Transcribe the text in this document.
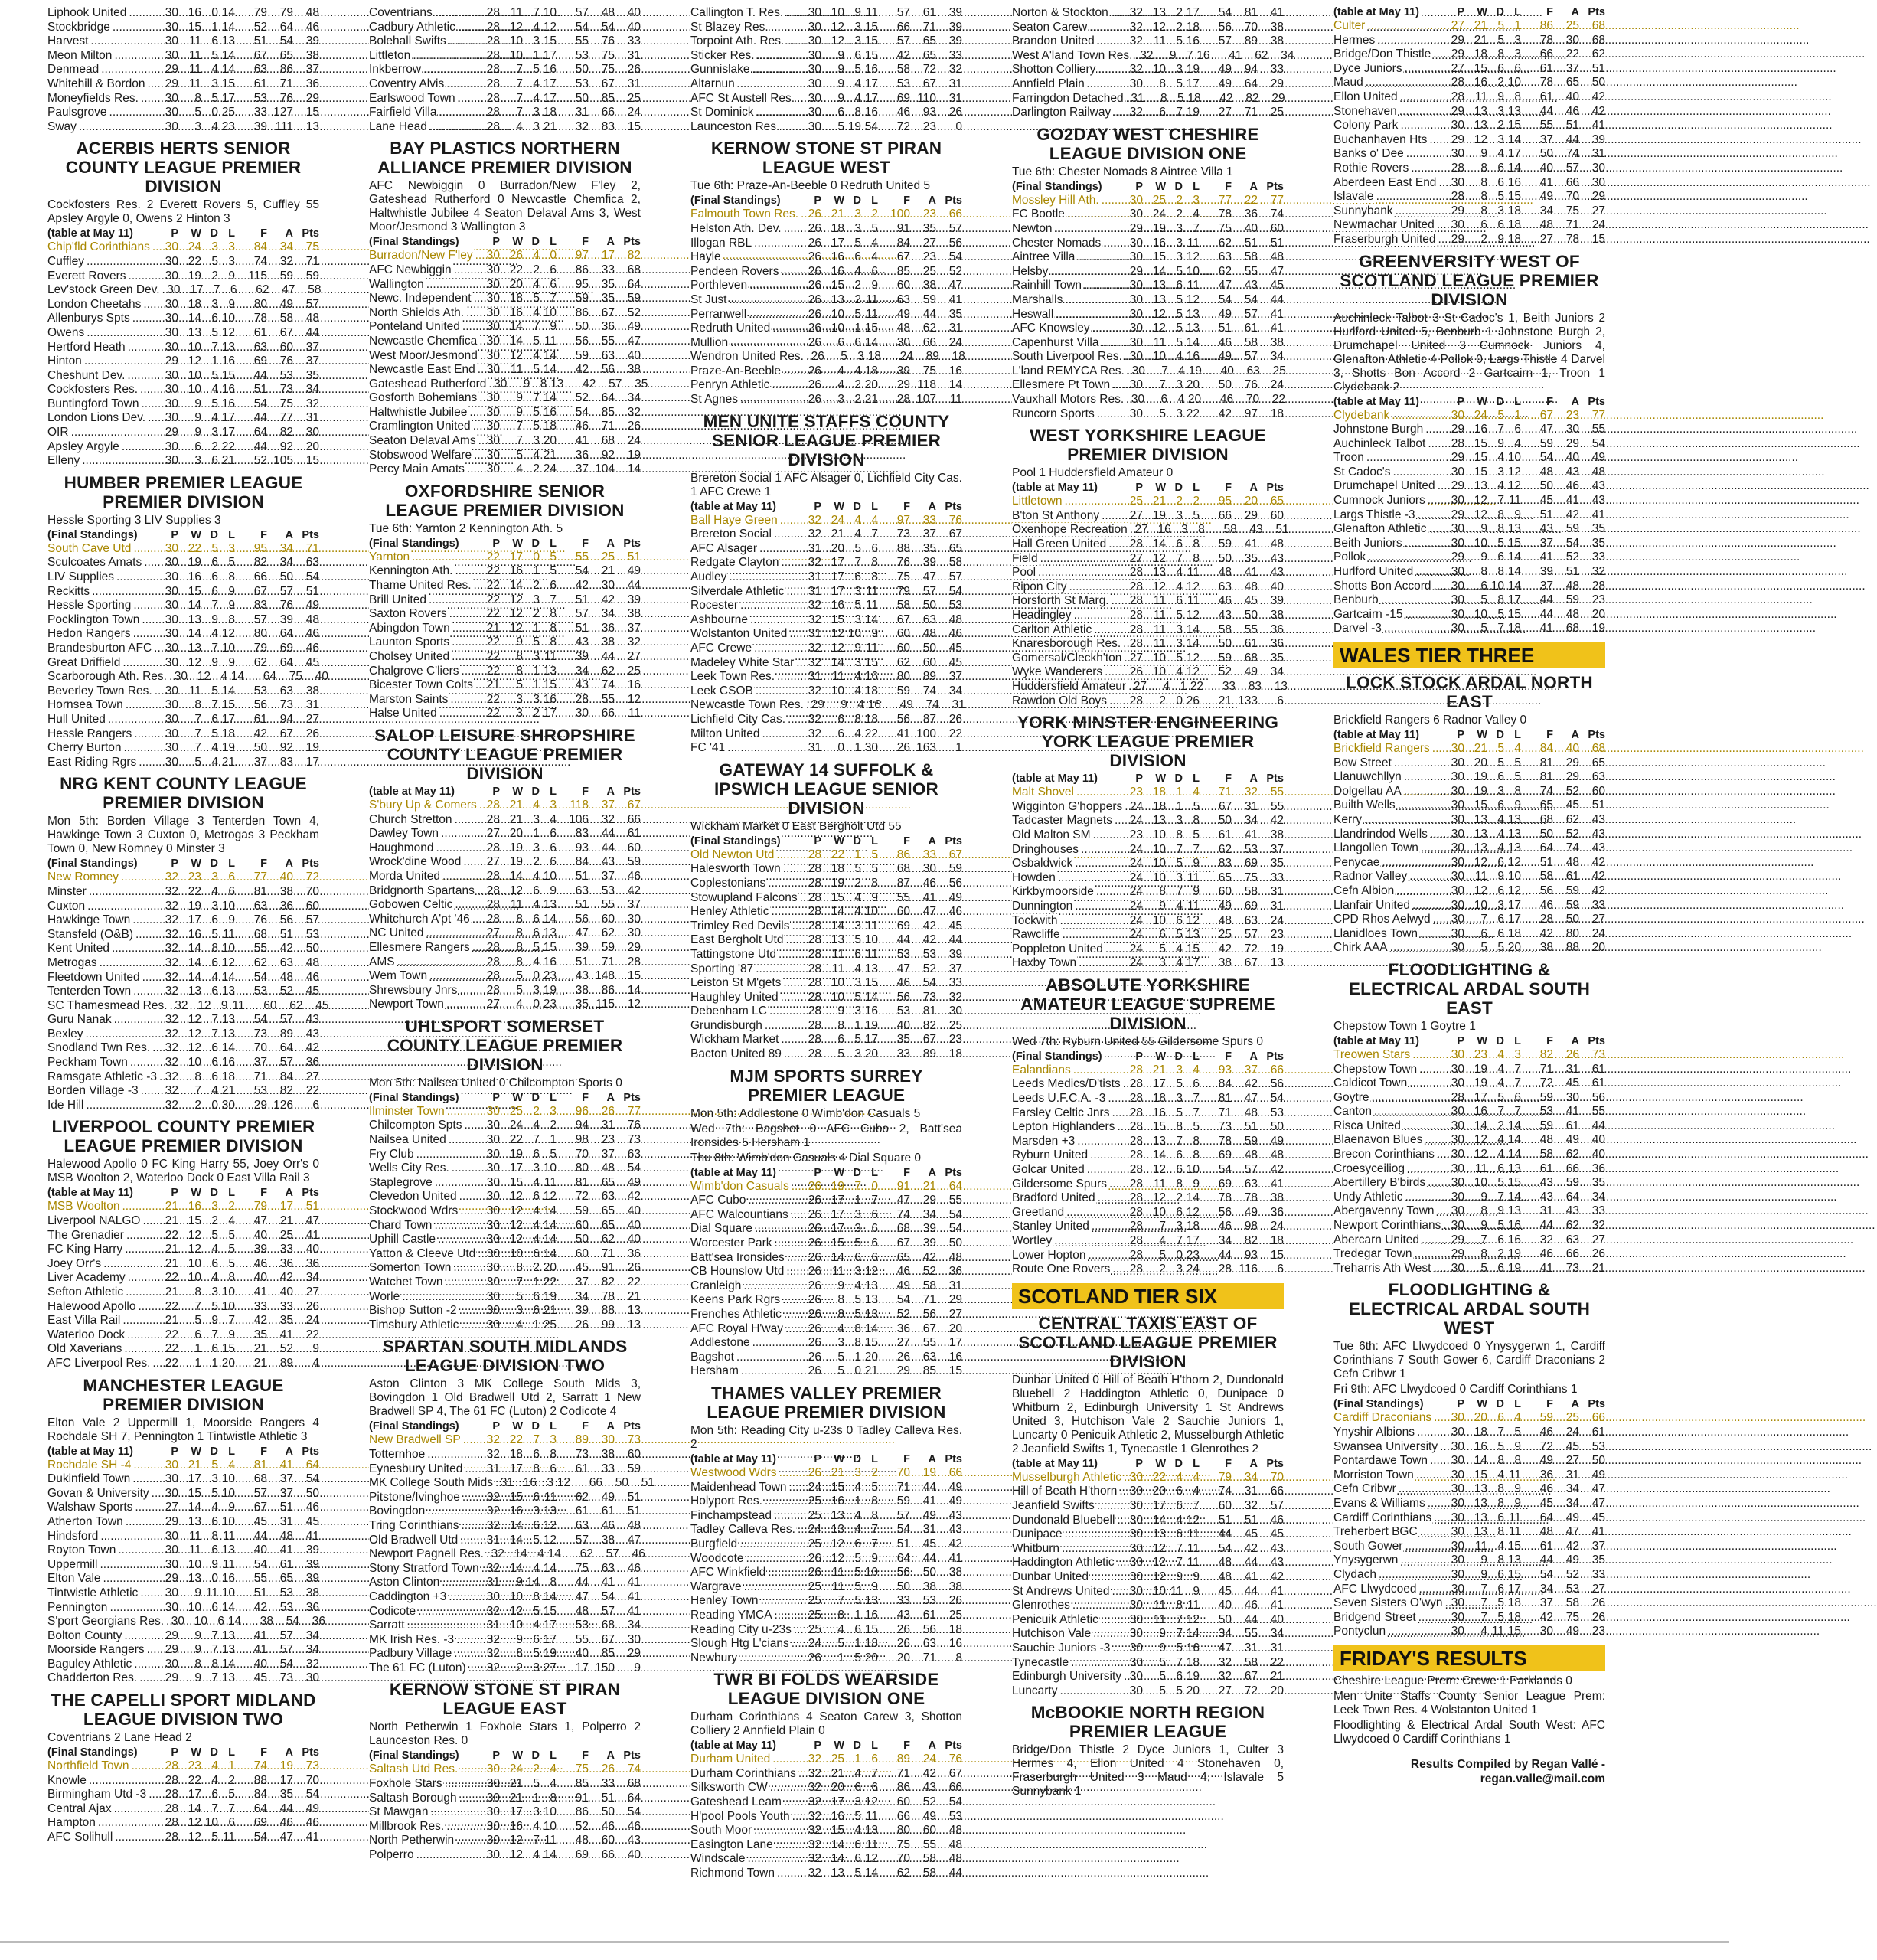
Liphook United .....	30 16 0 14	79	79	48
Stockbridge .....	30 15 1 14	52	64	46
Harvest .....	30 11 6 13	51	54	39
Meon Milton .....	30 11 5 14	67	65	38
Denmead .....	29 11 4 14	63	86	37
Whitehill & Bordon .....	29 11 3 15	61	71	36
Moneyfields Res. .....	30	8 5 17	53	76	29
Paulsgrove .....	30	5 0 25	33 127	15
Sway .....	30	3 4 23	39 111	13
ACERBIS HERTS SENIOR COUNTY LEAGUE PREMIER DIVISION
Cockfosters Res. 2 Everett Rovers 5, Cuffley 55 Apsley Argyle 0, Owens 2 Hinton 3
(table at May 11)	P	W D L	F	A Pts
Chip'fld Corinthians .....	30 24 3 3	84	34	75
Cuffley .....	30 22 5 3	74	32	71
Everett Rovers .....	30 19 2 9	115	59	59
Lev'stock Green Dev. ..... 30 17 7 6	62	47	58
London Cheetahs .....	30 18 3 9	80	49	57
Allenburys Spts .....	30 14 6 10	78	58	48
Owens .....	30 13 5 12	61	67	44
Hertford Heath .....	30 10 7 13	63	60	37
Hinton .....	29 12 1 16	69	76	37
Cheshunt Dev. .....	30 10 5 15	44	53	35
Cockfosters Res. .....	30 10 4 16	51	73	34
Buntingford Town .....	30	9 5 16	54	75	32
London Lions Dev. .....	30	9 4 17	44	77	31
OIR .....	29	9 3 17	64	82	30
Apsley Argyle .....	30	6 2 22	44	92	20
Elleny .....	30	3 6 21	52 105	15
HUMBER PREMIER LEAGUE PREMIER DIVISION
Hessle Sporting 3 LIV Supplies 3
(Final Standings)	P	W D L	F	A Pts
South Cave Utd .....	30 22 5 3	95	34	71
Sculcoates Amats .....	30 19 6 5	82	34	63
LIV Supplies .....	30 16 6 8	66	50	54
Reckitts .....	30 15 6 9	67	57	51
Hessle Sporting .....	30 14 7 9	83	76	49
Pocklington Town .....	30 13 9 8	57	39	48
Hedon Rangers .....	30 14 4 12	80	64	46
Brandesburton AFC .....	30 13 7 10	79	69	46
Great Driffield .....	30 12 9 9	62	64	45
Scarborough Ath. Res. ..... 30 12 4 14	64	75	40
Beverley Town Res. .....	30 11 5 14	53	63	38
Hornsea Town .....	30	8 7 15	56	73	31
Hull United .....	30	7 6 17	61	94	27
Hessle Rangers .....	30	7 5 18	42	67	26
Cherry Burton .....	30	7 4 19	50	92	19
East Riding Rgrs .....	30	5 4 21	37	83	17
NRG KENT COUNTY LEAGUE PREMIER DIVISION
Mon 5th: Borden Village 3 Tenterden Town 4, Hawkinge Town 3 Cuxton 0, Metrogas 3 Peckham Town 0, New Romney 0 Minster 3
(Final Standings)	P	W D L	F	A Pts
New Romney .....	32 23 3 6	77	40	72
Minster .....	32 22 4 6	81	38	70
Cuxton .....	32 19 3 10	63	36	60
Hawkinge Town .....	32 17 6 9	76	56	57
Stansfeld (O&B) .....	32 16 5 11	68	51	53
Kent United .....	32 14 8 10	55	42	50
Metrogas .....	32 14 6 12	62	63	48
Fleetdown United .....	32 14 4 14	54	48	46
Tenterden Town .....	32 13 6 13	53	52	45
SC Thamesmead Res. ..... 32 12 9 11	60	62	45
Guru Nanak .....	32 12 7 13	54	57	43
Bexley .....	32 12 7 13	73	89	43
Snodland Twn Res. .....	32 12 6 14	70	64	42
Peckham Town .....	32 10 6 16	37	57	36
Ramsgate Athletic -3 ..... 32	8 6 18	71	84	27
Borden Village -3 .....	32	7 4 21	53	82	22
Ide Hill .....	32	2 0 30	29 126	6
LIVERPOOL COUNTY PREMIER LEAGUE PREMIER DIVISION
Halewood Apollo 0 FC King Harry 55, Joey Orr's 0 MSB Woolton 2, Waterloo Dock 0 East Villa Rail 3
(table at May 11)	P	W D L	F	A Pts
MSB Woolton .....	21 16 3 2	79	17	51
Liverpool NALGO .....	21 15 2 4	47	21	47
The Grenadier .....	22 12 5 5	40	25	41
FC King Harry .....	21 12 4 5	39	33	40
Joey Orr's .....	21 10 6 5	46	36	36
Liver Academy .....	22 10 4 8	40	42	34
Sefton Athletic .....	21	8 3 10	41	40	27
Halewood Apollo .....	22	7 5 10	33	33	26
East Villa Rail .....	21	5 9 7	42	35	24
Waterloo Dock .....	22	6 7 9	35	41	22
Old Xaverians .....	22	1 6 15	21	52	9
AFC Liverpool Res. .....	22	1 1 20	21	89	4
MANCHESTER LEAGUE PREMIER DIVISION
Elton Vale 2 Uppermill 1, Moorside Rangers 4 Rochdale SH 7, Pennington 1 Tintwistle Athletic 3
(table at May 11)	P	W D L	F	A Pts
Rochdale SH -4 .....	30 21 5 4	81	41	64
Dukinfield Town .....	30 17 3 10	68	37	54
Govan & University .....	30 15 5 10	57	37	50
Walshaw Sports .....	27 14 4 9	67	51	46
Atherton Town .....	29 13 6 10	45	31	45
Hindsford .....	30 11 8 11	44	48	41
Royton Town .....	30 11 6 13	40	41	39
Uppermill .....	30 10 9 11	54	61	39
Elton Vale .....	29 13 0 16	55	65	39
Tintwistle Athletic .....	30	9 11 10	51	53	38
Pennington .....	30 10 6 14	42	53	36
S'port Georgians Res. ..... 30 10 6 14	38	54	36
Bolton County .....	29	9 7 13	41	57	34
Moorside Rangers .....	29	9 7 13	41	57	34
Baguley Athletic .....	30	8 8 14	40	54	32
Chadderton Res. .....	29	9 7 13	45	73	30
THE CAPELLI SPORT MIDLAND LEAGUE DIVISION TWO
Coventrians 2 Lane Head 2
(Final Standings)	P	W D L	F	A Pts
Northfield Town .....	28 23 4 1	74	19	73
Knowle .....	28 22 4 2	88	17	70
Birmingham Utd -3 .....	28 17 6 5	84	35	54
Central Ajax .....	28 14 7 7	64	44	49
Hampton .....	28 12 10 6	69	46	46
AFC Solihull .....	28 12 5 11	54	47	41
Coventrians .....	28 11 7 10	57	48	40
Cadbury Athletic .....	28 12 4 12	54	54	40
Bolehall Swifts .....	28 10 3 15	55	76	33
Littleton .....	28 10 1 17	53	75	31
Inkberrow .....	28	7 5 16	50	75	26
Coventry Alvis .....	28	7 4 17	53	67	31
Earlswood Town .....	28	7 4 17	50	85	25
Fairfield Villa .....	28	7 3 18	31	66	24
Lane Head .....	28	4 3 21	32	83	15
BAY PLASTICS NORTHERN ALLIANCE PREMIER DIVISION
AFC Newbiggin 0 Burradon/New F'ley 2, Gateshead Rutherford 0 Newcastle Chemfica 2, Haltwhistle Jubilee 4 Seaton Delaval Ams 3, West Moor/Jesmond 3 Wallington 3
(Final Standings)	P	W D L	F	A Pts
Burradon/New F'ley .....	30 26 4 0	97	17	82
AFC Newbiggin .....	30 22 2 6	86	33	68
Wallington .....	30 20 4 6	95	35	64
Newc. Independent .....	30 18 5 7	59	35	59
North Shields Ath. .....	30 16 4 10	86	67	52
Ponteland United .....	30 14 7 9	50	36	49
Newcastle Chemfica ..... 30 14 5 11	56	55	47
West Moor/Jesmond ..... 30 12 4 14	59	63	40
Newcastle East End ..... 30 11 5 14	42	56	38
Gateshead Rutherford ..... 30	9 8 13	42	57	35
Gosforth Bohemians ..... 30	9 7 14	52	64	34
Haltwhistle Jubilee .....	30	9 5 16	54	85	32
Cramlington United .....	30	7 5 18	46	71	26
Seaton Delaval Ams ..... 30	7 3 20	41	68	24
Stobswood Welfare .....	30	5 4 21	36	92	19
Percy Main Amats .....	30	4 2 24	37 104	14
OXFORDSHIRE SENIOR LEAGUE PREMIER DIVISION
Tue 6th: Yarnton 2 Kennington Ath. 5
(Final Standings)	P	W D L	F	A Pts
Yarnton .....	22 17 0 5	55	25	51
Kennington Ath. .....	22 16 1 5	54	21	49
Thame United Res. .....	22 14 2 6	42	30	44
Brill United .....	22 12 3 7	51	42	39
Saxton Rovers .....	22 12 2 8	57	34	38
Abingdon Town .....	21 12 1 8	51	36	37
Launton Sports .....	22	9 5 8	43	38	32
Cholsey United .....	22	8 3 11	39	44	27
Chalgrove C'liers .....	22	8 1 13	34	62	25
Bicester Town Colts .....	21	5 1 15	43	74	16
Marston Saints .....	22	3 3 16	28	55	12
Halse United .....	22	3 2 17	30	66	11
SALOP LEISURE SHROPSHIRE COUNTY LEAGUE PREMIER DIVISION
(table at May 11)	P	W D L	F	A Pts
S'bury Up & Comers ..... 28 21 4 3	118	37	67
Church Stretton .....	28 21 3 4	106	32	66
Dawley Town .....	27 20 1 6	83	44	61
Haughmond .....	28 19 3 6	93	44	60
Wrock'dine Wood .....	27 19 2 6	84	43	59
Morda United .....	28 14 4 10	51	37	46
Bridgnorth Spartans .....	28 12 6 9	63	53	42
Gobowen Celtic .....	28 11 4 13	51	55	37
Whitchurch A'pt '46 .....	28	8 6 14	56	60	30
NC United .....	27	8 6 13	47	62	30
Ellesmere Rangers .....	28	8 5 15	39	59	29
AMS .....	28	8 4 16	51	71	28
Wem Town .....	28	5 0 23	43 148	15
Shrewsbury Jnrs .....	28	5 3 19	38	86	14
Newport Town .....	27	4 0 23	35 115	12
UHLSPORT SOMERSET COUNTY LEAGUE PREMIER DIVISION
Mon 5th: Nailsea United 0 Chilcompton Sports 0
(Final Standings)	P	W D L	F	A Pts
Ilminster Town .....	30 25 2 3	96	26	77
Chilcompton Spts .....	30 24 4 2	94	31	76
Nailsea United .....	30 22 7 1	98	23	73
Fry Club .....	30 19 6 5	70	37	63
Wells City Res. .....	30 17 3 10	80	48	54
Staplegrove .....	30 15 4 11	81	65	49
Clevedon United .....	30 12 6 12	72	63	42
Stockwood Wdrs .....	30 12 4 14	59	65	40
Chard Town .....	30 12 4 14	60	65	40
Uphill Castle .....	30 12 4 14	50	62	40
Yatton & Cleeve Utd ..... 30 10 6 14	60	71	36
Somerton Town .....	30	8 2 20	45	91	26
Watchet Town .....	30	7 1 22	37	82	22
Worle .....	30	5 6 19	34	78	21
Bishop Sutton -2 .....	30	3 6 21	39	88	13
Timsbury Athletic .....	30	4 1 25	26	99	13
SPARTAN SOUTH MIDLANDS LEAGUE DIVISION TWO
Aston Clinton 3 MK College South Mids 3, Bovingdon 1 Old Bradwell Utd 2, Sarratt 1 New Bradwell SP 4, The 61 FC (Luton) 2 Codicote 4
(Final Standings)	P	W D L	F	A Pts
New Bradwell SP .....	32 22 7 3	89	30	73
Totternhoe .....	32 18 6 8	73	38	60
Eynesbury United .....	31 17 8 6	61	33	59
MK College South Mids ..... 31 16 3 12	66	50	51
Pitstone/Ivinghoe .....	32 15 6 11	62	49	51
Bovingdon .....	32 16 3 13	61	61	51
Tring Corinthians .....	32 14 6 12	63	46	48
Old Bradwell Utd .....	31 14 5 12	57	38	47
Newport Pagnell Res. ..... 32 14 4 14	62	57	46
Stony Stratford Town ..... 32 14 4 14	75	63	46
Aston Clinton .....	31	9 14 8	44	41	41
Caddington +3 .....	30 10 8 14	47	54	41
Codicote .....	32 12 5 15	48	57	41
Sarratt .....	31 10 4 17	53	68	34
MK Irish Res. -3 .....	32	9 6 17	55	67	30
Padbury Village .....	32	8 5 19	40	85	29
The 61 FC (Luton) .....	32	2 3 27	17 150	9
KERNOW STONE ST PIRAN LEAGUE EAST
North Petherwin 1 Foxhole Stars 1, Polperro 2 Launceston Res. 0
(Final Standings)	P	W D L	F	A Pts
Saltash Utd Res. .....	30 24 2 4	75	26	74
Foxhole Stars .....	30 21 5 4	85	33	68
Saltash Borough .....	30 21 1 8	91	51	64
St Mawgan .....	30 17 3 10	86	50	54
Millbrook Res. .....	30 16 4 10	52	46	46
North Petherwin .....	30 12 7 11	48	60	43
Polperro .....	30 12 4 14	69	66	40
Callington T. Res. .....	30 10 9 11	57	61	39
St Blazey Res. .....	30 12 3 15	66	71	39
Torpoint Ath. Res. .....	30 12 3 15	57	65	39
Sticker Res. .....	30	9 6 15	42	65	33
Gunnislake .....	30	9 5 16	58	72	32
Altarnun .....	30	9 4 17	53	67	31
AFC St Austell Res. .....	30	9 4 17	69 110	31
St Dominick .....	30	6 8 16	46	93	26
Launceston Res. .....	30	5 19 54	72	23	0
KERNOW STONE ST PIRAN LEAGUE WEST
Tue 6th: Praze-An-Beeble 0 Redruth United 5
(Final Standings)	P	W D L	F	A Pts
Falmouth Town Res. ..... 26 21 3 2	100	23	66
Helston Ath. Dev. .....	26 18 3 5	91	35	57
Illogan RBL .....	26 17 5 4	84	27	56
Hayle .....	26 16 6 4	67	23	54
Pendeen Rovers .....	26 16 4 6	85	25	52
Porthleven .....	26 15 2 9	60	38	47
St Just .....	26 13 2 11	63	59	41
Perranwell .....	26 10 5 11	49	44	35
Redruth United .....	26 10 1 15	48	62	31
Mullion .....	26	6 6 14	30	66	24
Wendron United Res. ..... 26	5 3 18	24	89	18
Praze-An-Beeble .....	26	4 4 18	39	75	16
Penryn Athletic .....	26	4 2 20	29 118	14
St Agnes .....	26	3 2 21	28 107	11
MEN UNITE STAFFS COUNTY SENIOR LEAGUE PREMIER DIVISION
Brereton Social 1 AFC Alsager 0, Lichfield City Cas. 1 AFC Crewe 1
(table at May 11)	P	W D L	F	A Pts
Ball Haye Green .....	32 24 4 4	97	33	76
Brereton Social .....	32 21 4 7	73	37	67
AFC Alsager .....	31 20 5 6	88	35	65
Redgate Clayton .....	32 17 7 8	76	39	58
Audley .....	31 17 6 8	75	47	57
Silverdale Athletic .....	31 17 3 11	79	57	54
Rocester .....	32 16 5 11	58	50	53
Ashbourne .....	32 15 3 14	67	63	48
Wolstanton United .....	31 12 10 9	60	48	46
AFC Crewe .....	32 12 9 11	60	50	45
Madeley White Star .....	32 14 3 15	62	60	45
Leek Town Res. .....	31 11 4 16	80	89	37
Leek CSOB .....	32 10 4 18	59	74	34
Newcastle Town Res. ..... 29	9 4 16	49	74	31
Lichfield City Cas. .....	32	6 8 18	56	87	26
Milton United .....	32	6 4 22	41 100	22
FC '41 .....	31	0 1 30	26 163	1
GATEWAY 14 SUFFOLK & IPSWICH LEAGUE SENIOR DIVISION
Wickham Market 0 East Bergholt Utd 55
(Final Standings)	P	W D L	F	A Pts
Old Newton Utd .....	28 22 1 5	86	33	67
Halesworth Town .....	28 18 5 5	68	30	59
Coplestonians .....	28 19 2 8	87	46	56
Stowupland Falcons ..... 28 15 4 9	55	41	49
Henley Athletic .....	28 14 4 10	60	47	46
Trimley Red Devils .....	28 14 3 11	69	42	45
East Bergholt Utd .....	28 13 5 10	44	42	44
Tattingstone Utd .....	28 11 6 11	53	53	39
Sporting '87 .....	28 11 4 13	47	52	37
Leiston St M'gets .....	28 10 3 15	46	54	33
Haughley United .....	28 10 5 14	56	73	32
Debenham LC .....	28	9 3 16	53	81	30
Grundisburgh .....	28	8 1 19	40	82	25
Wickham Market .....	28	6 5 17	35	67	23
Bacton United 89 .....	28	5 3 20	33	89	18
MJM SPORTS SURREY PREMIER LEAGUE
Mon 5th: Addlestone 0 Wimb'don Casuals 5
Wed 7th: Bagshot 0 AFC Cubo 2, Batt'sea Ironsides 5 Hersham 1
Thu 8th: Wimb'don Casuals 4 Dial Square 0
(table at May 11)	P	W D L	F	A Pts
Wimb'don Casuals .....	26 19 7 0	91	21	64
AFC Cubo .....	26 17 1 7	47	29	55
AFC Walcountians .....	26 17 3 6	74	34	54
Dial Square .....	26 17 3 6	68	39	54
Worcester Park .....	26 15 5 6	67	39	50
Batt'sea Ironsides .....	26 14 6 6	65	42	48
CB Hounslow Utd .....	26 11 3 12	46	52	36
Cranleigh .....	26	9 4 13	49	58	31
Keens Park Rgrs .....	26	8 5 13	54	71	29
Frenches Athletic .....	26	8 5 13	52	56	27
AFC Royal H'way .....	26	4 8 14	36	67	20
Addlestone .....	26	3 8 15	27	55	17
Bagshot .....	26	5 1 20	26	63	16
Hersham .....	26	5 0 21	29	85	15
THAMES VALLEY PREMIER LEAGUE PREMIER DIVISION
Mon 5th: Reading City u-23s 0 Tadley Calleva Res. 2
(table at May 11)	P	W D L	F	A Pts
Westwood Wdrs .....	26 21 3 2	70	19	66
Maidenhead Town .....	24 15 4 5	71	44	49
Holyport Res. .....	25 16 1 8	59	41	49
Finchampstead .....	25 13 4 8	57	49	43
Tadley Calleva Res. .....	24 13 4 7	54	31	43
Burgfield .....	25 12 6 7	51	45	42
Woodcote .....	26 12 5 9	64	44	41
AFC Winkfield .....	26 11 5 10	56	50	38
Wargrave .....	25 11 5 9	50	38	38
Henley Town .....	25	7 5 13	33	53	26
Reading YMCA .....	25	8 1 16	43	61	25
Reading City u-23s .....	25	4 6 15	26	56	18
Slough Htg L'cians .....	24	5 1 18	26	63	16
Newbury .....	26	1 5 20	20	71	8
TWR BI FOLDS WEARSIDE LEAGUE DIVISION ONE
Durham Corinthians 4 Seaton Carew 3, Shotton Colliery 2 Annfield Plain 0
(table at May 11)	P	W D L	F	A Pts
Durham United .....	32 25 1 6	89	24	76
Durham Corinthians .....	32 21 4 7	71	42	67
Silksworth CW .....	32 20 6 6	86	43	66
Gateshead Leam .....	32 17 3 12	60	52	54
H'pool Pools Youth .....	32 16 5 11	66	49	53
South Moor .....	32 15 4 13	80	60	48
Easington Lane .....	32 14 6 11	75	55	48
Windscale .....	32 14 6 12	70	58	48
Richmond Town .....	32 13 5 14	62	58	44
Norton & Stockton .....	32 13 2 17	54	81	41
Seaton Carew .....	32 12 2 18	56	70	38
Brandon United .....	32 11 5 16	57	89	38
West A'land Town Res. ..... 32	9 7 16	41	62	34
Shotton Colliery .....	32 10 3 19	49	94	33
Annfield Plain .....	30	8 5 17	49	64	29
Farringdon Detached ..... 31	8 5 18	42	82	29
Darlington Railway .....	32	6 7 19	27	71	25
GO2DAY WEST CHESHIRE LEAGUE DIVISION ONE
Tue 6th: Chester Nomads 8 Aintree Villa 1
(Final Standings)	P	W D L	F	A Pts
Mossley Hill Ath. .....	30 25 2 3	77	22	77
FC Bootle .....	30 24 2 4	78	36	74
Newton .....	29 19 3 7	75	40	60
Chester Nomads .....	30 16 3 11	62	51	51
Aintree Villa .....	30 15 3 12	63	58	48
Helsby .....	29 14 5 10	62	55	47
Rainhill Town .....	30 13 6 11	47	43	45
Marshalls .....	30 13 5 12	54	54	44
Heswall .....	30 12 5 13	49	57	41
AFC Knowsley .....	30 12 5 13	51	61	41
Capenhurst Villa .....	30 11 5 14	46	58	38
South Liverpool Res. ..... 30 10 4 16	49	57	34
L'land REMYCA Res. ..... 30	7 4 19	40	63	25
Ellesmere Pt Town .....	30	7 3 20	50	76	24
Vauxhall Motors Res. ..... 30	6 4 20	46	70	22
Runcorn Sports .....	30	5 3 22	42	97	18
WEST YORKSHIRE LEAGUE PREMIER DIVISION
Pool 1 Huddersfield Amateur 0
(table at May 11)	P	W D L	F	A Pts
Littletown .....	25 21 2 2	95	20	65
B'ton St Anthony .....	27 19 3 5	66	29	60
Oxenhope Recreation ..... 27 16 3 8	58	43	51
Hall Green United .....	28 14 6 8	59	41	48
Field .....	27 12 7 8	50	35	43
Pool .....	28 13 4 11	48	41	43
Ripon City .....	28 12 4 12	63	48	40
Horsforth St Marg. .....	28 11 6 11	46	45	39
Headingley .....	28 11 5 12	43	50	38
Carlton Athletic .....	28 11 3 14	58	55	36
Knaresborough Res. ..... 28 11 3 14	50	61	36
Gomersal/Cleckh'ton ..... 27 10 5 12	59	68	35
Wyke Wanderers .....	26 10 4 12	52	49	34
Huddersfield Amateur ..... 27	4 1 22	33	83	13
Rawdon Old Boys .....	28	2 0 26	21 133	6
YORK MINSTER ENGINEERING YORK LEAGUE PREMIER DIVISION
(table at May 11)	P	W D L	F	A Pts
Malt Shovel .....	23 18 1 4	71	32	55
Wigginton G'hoppers ..... 24 18 1 5	67	31	55
Tadcaster Magnets .....	24 13 3 8	50	34	42
Old Malton SM .....	23 10 8 5	61	41	38
Dringhouses .....	24 10 7 7	62	53	37
Osbaldwick .....	24 10 5 9	83	69	35
Howden .....	24 10 3 11	65	75	33
Kirkbymoorside .....	24	8 7 9	60	58	31
Dunnington .....	24	9 4 11	49	69	31
Tockwith .....	24 10 6 12	48	63	24
Rawcliffe .....	24	6 5 13	25	57	23
Poppleton United .....	24	5 4 15	42	72	19
Haxby Town .....	24	3 4 17	38	67	13
ABSOLUTE YORKSHIRE AMATEUR LEAGUE SUPREME DIVISION
Wed 7th: Ryburn United 55 Gildersome Spurs 0
(Final Standings)	P	W D L	F	A Pts
Ealandians .....	28 21 3 4	93	37	66
Leeds Medics/D'tists ..... 28 17 5 6	84	42	56
Leeds U.F.C.A. -3 .....	28 18 3 7	81	47	54
Farsley Celtic Jnrs .....	28 16 5 7	71	48	53
Lepton Highlanders .....	28 15 8 5	73	51	50
Marsden +3 .....	28 13 7 8	78	59	49
Ryburn United .....	28 14 6 8	69	48	48
Golcar United .....	28 12 6 10	54	57	42
Gildersome Spurs .....	28 11 8 9	69	63	41
Bradford United .....	28 12 2 14	78	78	38
Greetland .....	28 10 6 12	56	49	36
Stanley United .....	28	7 3 18	46	98	24
Wortley .....	28	4 7 17	34	82	18
Lower Hopton .....	28	5 0 23	44	93	15
Route One Rovers .....	28	2 3 24	28 116	6
SCOTLAND TIER SIX
CENTRAL TAXIS EAST OF SCOTLAND LEAGUE PREMIER DIVISION
Dunbar United 0 Hill of Beath H'thorn 2, Dundonald Bluebell 2 Haddington Athletic 0, Dunipace 0 Whitburn 2, Edinburgh University 1 St Andrews United 3, Hutchison Vale 2 Sauchie Juniors 1, Luncarty 0 Penicuik Athletic 2, Musselburgh Athletic 2 Jeanfield Swifts 1, Tynecastle 1 Glenrothes 2
(table at May 11)	P	W D L	F	A Pts
Musselburgh Athletic ..... 30 22 4 4	79	34	70
Hill of Beath H'thorn .....	30 20 6 4	74	31	66
Jeanfield Swifts .....	30 17 6 7	60	32	57
Dundonald Bluebell .....	30 14 4 12	51	51	46
Dunipace .....	30 13 6 11	44	45	45
Whitburn .....	30 12 7 11	54	42	43
Haddington Athletic .....	30 12 7 11	48	44	43
Dunbar United .....	30 12 9 9	48	41	42
St Andrews United .....	30 10 11 9	45	44	41
Glenrothes .....	30 11 8 11	40	46	41
Penicuik Athletic .....	30 11 7 12	50	44	40
Hutchison Vale .....	30	9 7 14	34	55	34
Sauchie Juniors -3 .....	30	9 5 16	47	31	31
Tynecastle .....	30	5 7 18	32	58	22
Edinburgh University ..... 30	5 6 19	32	67	21
Luncarty .....	30	5 5 20	27	72	20
McBOOKIE NORTH REGION PREMIER LEAGUE
Bridge/Don Thistle 2 Dyce Juniors 1, Culter 3 Hermes 4, Ellon United 4 Stonehaven 0, Fraserburgh United 3 Maud 4, Islavale 5 Sunnybank 1
(table at May 11)	P	W D L	F	A Pts
Culter .....	27 21 5 1	86	25	68
Hermes .....	29 21 5 3	78	30	68
Bridge/Don Thistle .....	29 18 8 3	66	22	62
Dyce Juniors .....	27 15 6 6	61	37	51
Maud .....	28 16 2 10	78	65	50
Ellon United .....	28 11 9 8	61	40	42
Stonehaven .....	29 13 3 13	44	46	42
Colony Park .....	30 13 2 15	55	51	41
Buchanhaven Hts .....	29 12 3 14	37	44	39
Banks o' Dee .....	30	9 4 17	50	74	31
Rothie Rovers .....	28	8 6 14	40	57	30
Aberdeen East End .....	30	8 6 16	41	66	30
Islavale .....	28	8 5 15	49	70	29
Sunnybank .....	29	8 3 18	34	75	27
Newmachar United .....	30	6 6 18	48	71	24
Fraserburgh United .....	29	2 9 18	27	78	15
GREENVERSITY WEST OF SCOTLAND LEAGUE PREMIER DIVISION
Auchinleck Talbot 3 St Cadoc's 1, Beith Juniors 2 Hurlford United 5, Benburb 1 Johnstone Burgh 2, Drumchapel United 3 Cumnock Juniors 4, Glenafton Athletic 4 Pollok 0, Largs Thistle 4 Darvel 3, Shotts Bon Accord 2 Gartcairn 1, Troon 1 Clydebank 2
(table at May 11)	P	W D L	F	A Pts
Clydebank .....	30 24 5 1	67	23	77
Johnstone Burgh .....	29 16 7 6	47	30	55
Auchinleck Talbot .....	28 15 9 4	59	29	54
Troon .....	29 15 4 10	54	40	49
St Cadoc's .....	30 15 3 12	48	43	48
Drumchapel United .....	29 13 4 12	50	46	43
Cumnock Juniors .....	30 12 7 11	45	41	43
Largs Thistle -3 .....	29 12 8 9	51	42	41
Glenafton Athletic .....	30	9 8 13	43	59	35
Beith Juniors .....	30 10 5 15	37	54	35
Pollok .....	29	9 6 14	41	52	33
Hurlford United .....	30	8 8 14	39	51	32
Shotts Bon Accord .....	30	6 10 14	37	48	28
Benburb .....	30	5 8 17	44	59	23
Gartcairn -15 .....	30 10 5 15	44	48	20
Darvel -3 .....	30	5 7 18	41	68	19
WALES TIER THREE
LOCK STOCK ARDAL NORTH EAST
Brickfield Rangers 6 Radnor Valley 0
(table at May 11)	P	W D L	F	A Pts
Brickfield Rangers .....	30 21 5 4	84	40	68
Bow Street .....	30 20 5 5	81	29	65
Llanuwchllyn .....	30 19 6 5	81	29	63
Dolgellau AA .....	30 19 3 8	74	52	60
Builth Wells .....	30 15 6 9	65	45	51
Kerry .....	30 13 4 13	68	62	43
Llandrindod Wells .....	30 13 4 13	50	52	43
Llangollen Town .....	30 13 4 13	64	74	43
Penycae .....	30 12 6 12	51	48	42
Radnor Valley .....	30 11 9 10	58	61	42
Cefn Albion .....	30 12 6 12	56	59	42
Llanfair United .....	30 10 3 17	46	59	33
CPD Rhos Aelwyd .....	30	7 6 17	28	50	27
Llanidloes Town .....	30	6 6 18	42	80	24
Chirk AAA .....	30	5 5 20	38	88	20
FLOODLIGHTING & ELECTRICAL ARDAL SOUTH EAST
Chepstow Town 1 Goytre 1
(table at May 11)	P	W D L	F	A Pts
Treowen Stars .....	30 23 4 3	82	26	73
Chepstow Town .....	30 19 4 7	71	31	61
Caldicot Town .....	30 19 4 7	72	45	61
Goytre .....	28 17 5 6	59	30	56
Canton .....	30 16 7 7	53	41	55
Risca United .....	30 14 2 14	59	61	44
Blaenavon Blues .....	30 12 4 14	48	49	40
Brecon Corinthians .....	30 12 4 14	58	62	40
Croesyceiliog .....	30 11 6 13	61	66	36
Abertillery B'birds .....	30 10 5 15	43	59	35
Undy Athletic .....	30	9 7 14	43	64	34
Abergavenny Town .....	30	8 9 13	31	43	33
Newport Corinthians ..... 30	9 5 16	44	62	32
Abercarn United .....	29	7 6 16	32	63	27
Tredegar Town .....	29	8 2 19	46	66	26
Treharris Ath West .....	30	5 6 19	41	73	21
FLOODLIGHTING & ELECTRICAL ARDAL SOUTH WEST
Tue 6th: AFC Llwydcoed 0 Ynysygerwn 1, Cardiff Corinthians 7 South Gower 6, Cardiff Draconians 2 Cefn Cribwr 1
Fri 9th: AFC Llwydcoed 0 Cardiff Corinthians 1
(Final Standings)	P	W D L	F	A Pts
Cardiff Draconians .....	30 20 6 4	59	25	66
Ynyshir Albions .....	30 18 7 5	46	24	61
Swansea University .....	30 16 5 9	72	45	53
Pontardawe Town .....	30 14 8 8	49	27	50
Morriston Town .....	30 15 4 11	36	31	49
Cefn Cribwr .....	30 13 8 9	46	34	47
Evans & Williams .....	30 13 8 9	45	34	47
Cardiff Corinthians .....	30 13 6 11	64	49	45
Treherbert BGC .....	30 13 8 11	48	47	41
South Gower .....	30 11 4 15	61	42	37
Ynysygerwn .....	30	9 8 13	44	49	35
Clydach .....	30	9 6 15	54	52	33
AFC Llwydcoed .....	30	7 6 17	34	53	27
Seven Sisters O'wyn ..... 30	7 5 18	37	58	26
Bridgend Street .....	30	7 5 18	42	75	26
Pontyclun .....	30	4 11 15	30	49	23
FRIDAY'S RESULTS
Cheshire League Prem: Crewe 1 Parklands 0
Men Unite Staffs County Senior League Prem: Leek Town Res. 4 Wolstanton United 1
Floodlighting & Electrical Ardal South West: AFC Llwydcoed 0 Cardiff Corinthians 1
Results Compiled by Regan Vallé - regan.valle@mail.com
